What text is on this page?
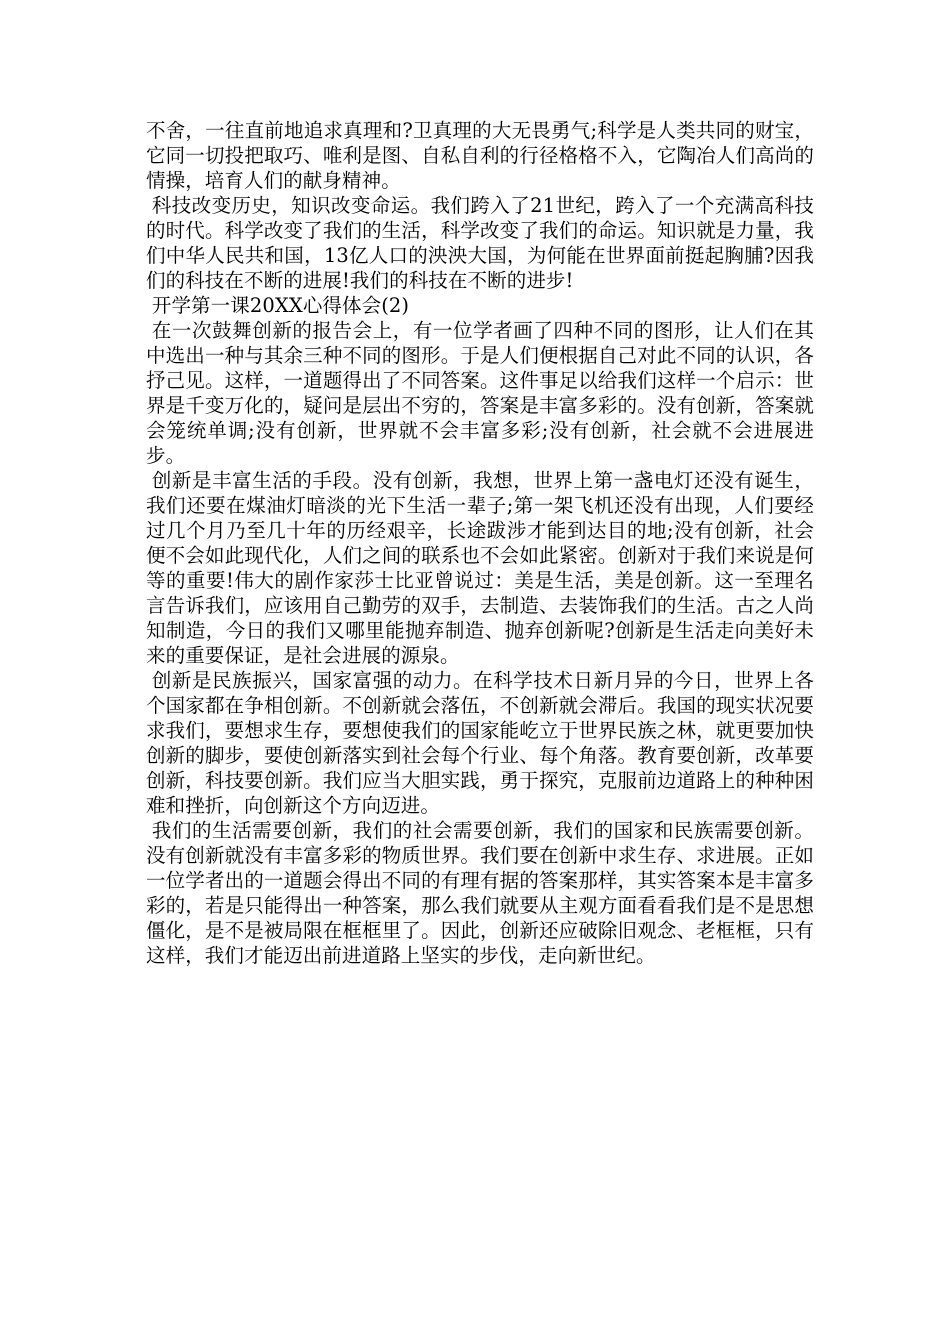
不舍，一往直前地追求真理和?卫真理的大无畏勇气;科学是人类共同的财宝，它同一切投把取巧、唯利是图、自私自利的行径格格不入，它陶冶人们高尚的情操，培育人们的献身精神。

科技改变历史，知识改变命运。我们跨入了21世纪，跨入了一个充满高科技的时代。科学改变了我们的生活，科学改变了我们的命运。知识就是力量，我们中华人民共和国，13亿人口的泱泱大国，为何能在世界面前挺起胸脯?因我们的科技在不断的进展!我们的科技在不断的进步!

开学第一课20XX心得体会(2)

在一次鼓舞创新的报告会上，有一位学者画了四种不同的图形，让人们在其中选出一种与其余三种不同的图形。于是人们便根据自己对此不同的认识，各抒己见。这样，一道题得出了不同答案。这件事足以给我们这样一个启示：世界是千变万化的，疑问是层出不穷的，答案是丰富多彩的。没有创新，答案就会笼统单调;没有创新，世界就不会丰富多彩;没有创新，社会就不会进展进步。

创新是丰富生活的手段。没有创新，我想，世界上第一盏电灯还没有诞生，我们还要在煤油灯暗淡的光下生活一辈子;第一架飞机还没有出现，人们要经过几个月乃至几十年的历经艰辛，长途跋涉才能到达目的地;没有创新，社会便不会如此现代化，人们之间的联系也不会如此紧密。创新对于我们来说是何等的重要!伟大的剧作家莎士比亚曾说过：美是生活，美是创新。这一至理名言告诉我们，应该用自己勤劳的双手，去制造、去装饰我们的生活。古之人尚知制造，今日的我们又哪里能抛弃制造、抛弃创新呢?创新是生活走向美好未来的重要保证，是社会进展的源泉。

创新是民族振兴，国家富强的动力。在科学技术日新月异的今日，世界上各个国家都在争相创新。不创新就会落伍，不创新就会滞后。我国的现实状况要求我们，要想求生存，要想使我们的国家能屹立于世界民族之林，就更要加快创新的脚步，要使创新落实到社会每个行业、每个角落。教育要创新，改革要创新，科技要创新。我们应当大胆实践，勇于探究，克服前边道路上的种种困难和挫折，向创新这个方向迈进。

我们的生活需要创新，我们的社会需要创新，我们的国家和民族需要创新。没有创新就没有丰富多彩的物质世界。我们要在创新中求生存、求进展。正如一位学者出的一道题会得出不同的有理有据的答案那样，其实答案本是丰富多彩的，若是只能得出一种答案，那么我们就要从主观方面看看我们是不是思想僵化，是不是被局限在框框里了。因此，创新还应破除旧观念、老框框，只有这样，我们才能迈出前进道路上坚实的步伐，走向新世纪。
